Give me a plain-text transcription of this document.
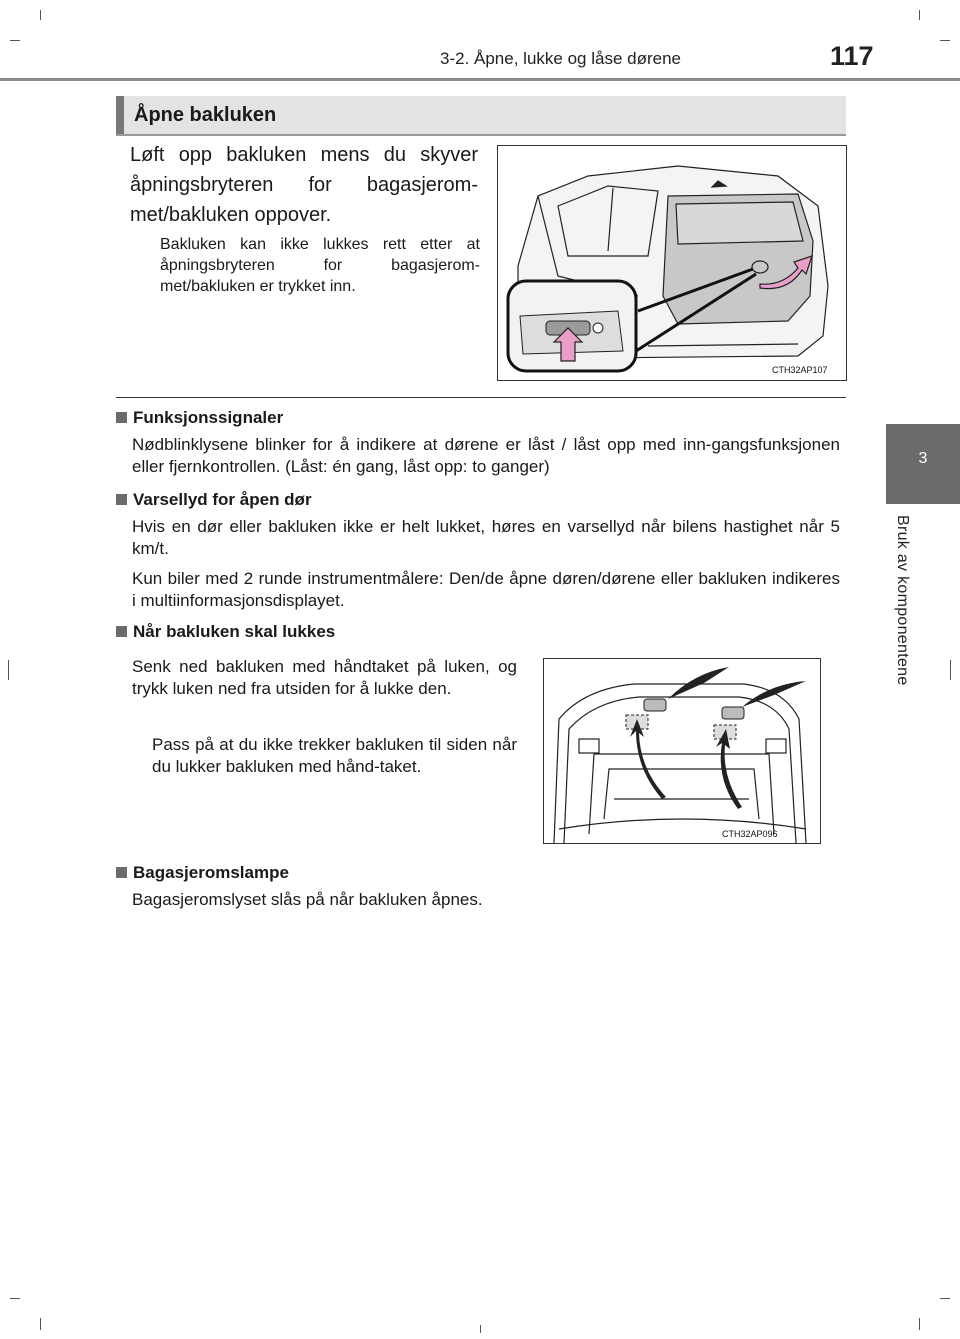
3-2. Åpne, lukke og låse dørene	117
3
Bruk av komponentene
Åpne bakluken
Løft opp bakluken mens du skyver åpningsbryteren for bagasjerom-met/bakluken oppover.
Bakluken kan ikke lukkes rett etter at åpningsbryteren for bagasjerom-met/bakluken er trykket inn.
CTH32AP107
Funksjonssignaler
Nødblinklysene blinker for å indikere at dørene er låst / låst opp med inn-gangsfunksjonen eller fjernkontrollen. (Låst: én gang, låst opp: to ganger)
Varsellyd for åpen dør
Hvis en dør eller bakluken ikke er helt lukket, høres en varsellyd når bilens hastighet når 5 km/t.
Kun biler med 2 runde instrumentmålere: Den/de åpne døren/dørene eller bakluken indikeres i multiinformasjonsdisplayet.
Når bakluken skal lukkes
Senk ned bakluken med håndtaket på luken, og trykk luken ned fra utsiden for å lukke den.
Pass på at du ikke trekker bakluken til siden når du lukker bakluken med hånd-taket.
CTH32AP096
Bagasjeromslampe
Bagasjeromslyset slås på når bakluken åpnes.
